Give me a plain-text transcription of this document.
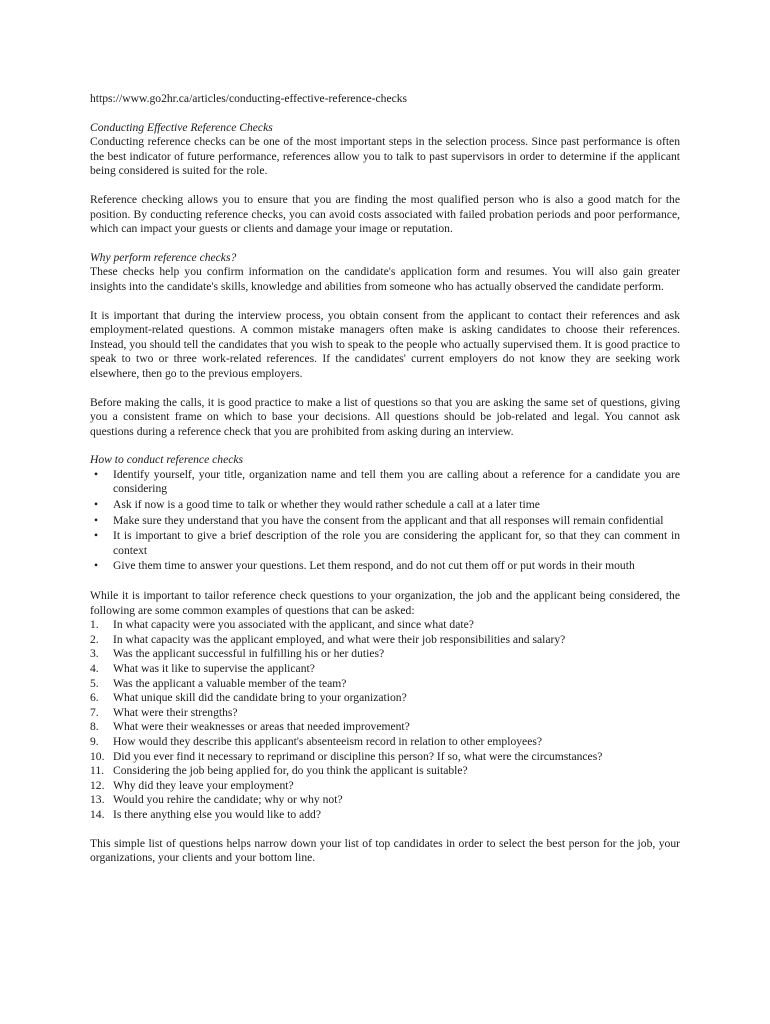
https://www.go2hr.ca/articles/conducting-effective-reference-checks
Conducting Effective Reference Checks

Conducting reference checks can be one of the most important steps in the selection process. Since past performance is often the best indicator of future performance, references allow you to talk to past supervisors in order to determine if the applicant being considered is suited for the role.

Reference checking allows you to ensure that you are finding the most qualified person who is also a good match for the position. By conducting reference checks, you can avoid costs associated with failed probation periods and poor performance, which can impact your guests or clients and damage your image or reputation.

Why perform reference checks?

These checks help you confirm information on the candidate's application form and resumes. You will also gain greater insights into the candidate's skills, knowledge and abilities from someone who has actually observed the candidate perform.

It is important that during the interview process, you obtain consent from the applicant to contact their references and ask employment-related questions. A common mistake managers often make is asking candidates to choose their references. Instead, you should tell the candidates that you wish to speak to the people who actually supervised them. It is good practice to speak to two or three work-related references. If the candidates' current employers do not know they are seeking work elsewhere, then go to the previous employers.

Before making the calls, it is good practice to make a list of questions so that you are asking the same set of questions, giving you a consistent frame on which to base your decisions. All questions should be job-related and legal. You cannot ask questions during a reference check that you are prohibited from asking during an interview.

How to conduct reference checks
•	Identify yourself, your title, organization name and tell them you are calling about a reference for a candidate you are considering
•	Ask if now is a good time to talk or whether they would rather schedule a call at a later time
•	Make sure they understand that you have the consent from the applicant and that all responses will remain confidential
•	It is important to give a brief description of the role you are considering the applicant for, so that they can comment in context
•	Give them time to answer your questions. Let them respond, and do not cut them off or put words in their mouth

While it is important to tailor reference check questions to your organization, the job and the applicant being considered, the following are some common examples of questions that can be asked:

1. In what capacity were you associated with the applicant, and since what date?
2. In what capacity was the applicant employed, and what were their job responsibilities and salary?
3. Was the applicant successful in fulfilling his or her duties?
4. What was it like to supervise the applicant?
5. Was the applicant a valuable member of the team?
6. What unique skill did the candidate bring to your organization?
7. What were their strengths?
8. What were their weaknesses or areas that needed improvement?
9. How would they describe this applicant's absenteeism record in relation to other employees?
10. Did you ever find it necessary to reprimand or discipline this person? If so, what were the circumstances?
11. Considering the job being applied for, do you think the applicant is suitable?
12. Why did they leave your employment?
13. Would you rehire the candidate; why or why not?
14. Is there anything else you would like to add?

This simple list of questions helps narrow down your list of top candidates in order to select the best person for the job, your organizations, your clients and your bottom line.
